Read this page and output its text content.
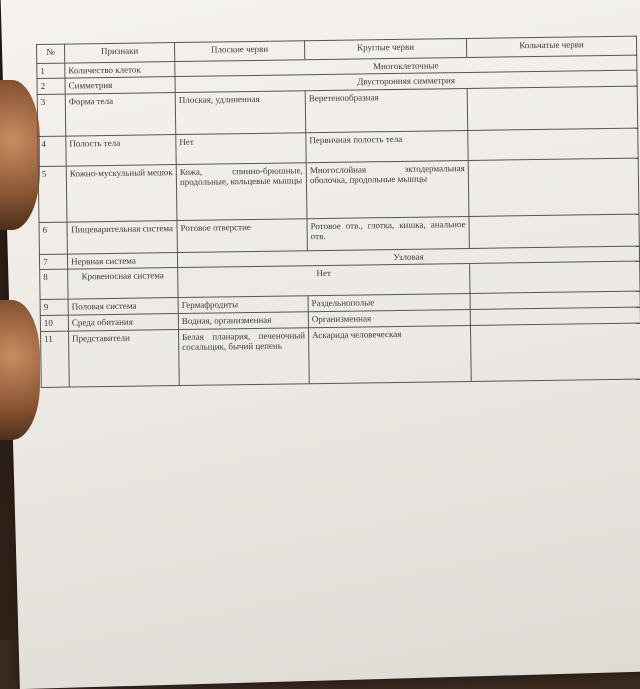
№	Признаки	Плоские черви	Круглые черви	Кольчатые черви
1	Количество клеток	Многоклеточные		
2	Симметрия	Двусторонняя симметрия		
3	Форма тела	Плоская, удлиненная	Веретенообразная	
4	Полость тела	Нет	Первичная полость тела	
5	Кожно-мускульный мешок	Кожа, спинно-брюшные, продольные, кольцевые мышцы	Многослойная эктодермальная оболочка, продольные мышцы	
6	Пищеварительная система	Ротовое отверстие	Ротовое отв., глотка, кишка, анальное отв.	
7	Нервная система	Узловая		
8	Кровеносная система	Нет		
9	Половая система	Гермафродиты	Раздельнополые	
10	Среда обитания	Водная, организменная	Организменная	
11	Представители	Белая планария, печеночный сосальщик, бычий цепень	Аскарида человеческая	
